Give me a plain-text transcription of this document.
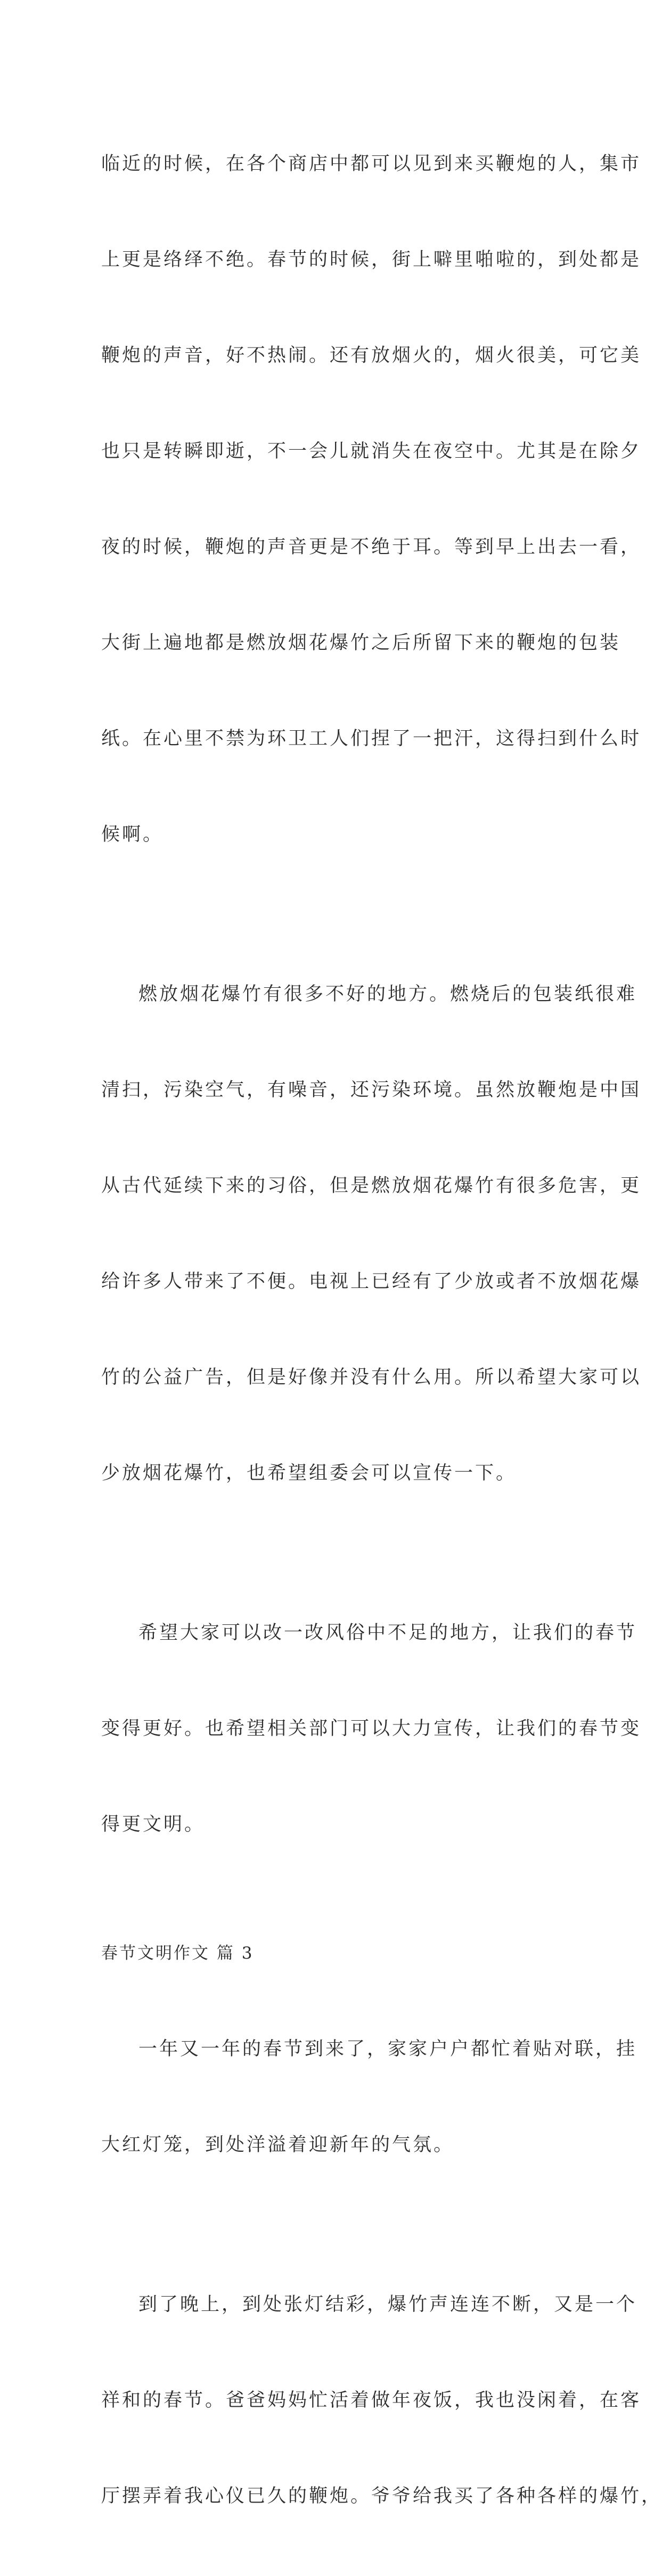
临近的时候，在各个商店中都可以见到来买鞭炮的人，集市

上更是络绎不绝。春节的时候，街上噼里啪啦的，到处都是

鞭炮的声音，好不热闹。还有放烟火的，烟火很美，可它美

也只是转瞬即逝，不一会儿就消失在夜空中。尤其是在除夕

夜的时候，鞭炮的声音更是不绝于耳。等到早上出去一看，

大街上遍地都是燃放烟花爆竹之后所留下来的鞭炮的包装

纸。在心里不禁为环卫工人们捏了一把汗，这得扫到什么时

候啊。

燃放烟花爆竹有很多不好的地方。燃烧后的包装纸很难

清扫，污染空气，有噪音，还污染环境。虽然放鞭炮是中国

从古代延续下来的习俗，但是燃放烟花爆竹有很多危害，更

给许多人带来了不便。电视上已经有了少放或者不放烟花爆

竹的公益广告，但是好像并没有什么用。所以希望大家可以

少放烟花爆竹，也希望组委会可以宣传一下。

希望大家可以改一改风俗中不足的地方，让我们的春节

变得更好。也希望相关部门可以大力宣传，让我们的春节变

得更文明。

春节文明作文 篇 3

一年又一年的春节到来了，家家户户都忙着贴对联，挂

大红灯笼，到处洋溢着迎新年的气氛。

到了晚上，到处张灯结彩，爆竹声连连不断，又是一个

祥和的春节。爸爸妈妈忙活着做年夜饭，我也没闲着，在客

厅摆弄着我心仪已久的鞭炮。爷爷给我买了各种各样的爆竹，
